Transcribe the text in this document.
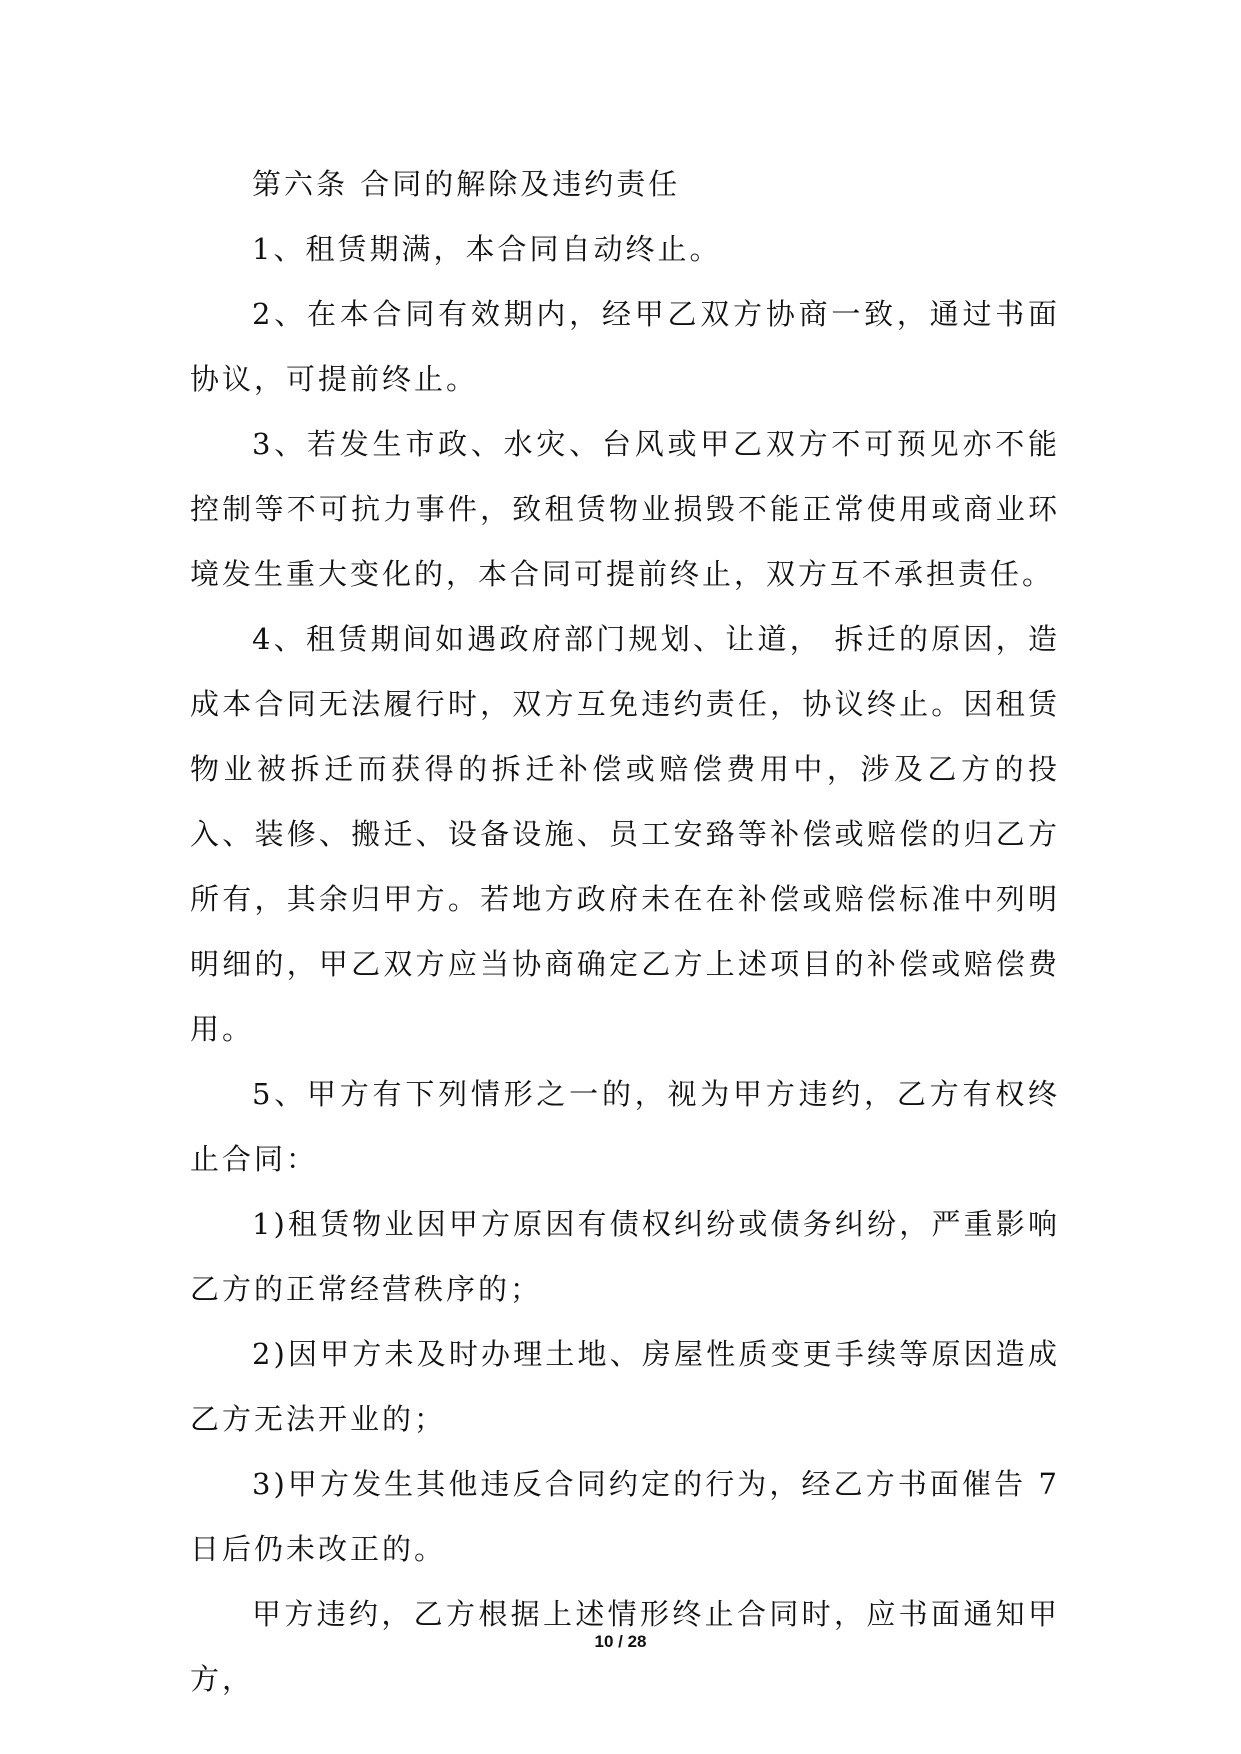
第六条 合同的解除及违约责任

1、租赁期满，本合同自动终止。

2、在本合同有效期内，经甲乙双方协商一致，通过书面协议，可提前终止。

3、若发生市政、水灾、台风或甲乙双方不可预见亦不能控制等不可抗力事件，致租赁物业损毁不能正常使用或商业环境发生重大变化的，本合同可提前终止，双方互不承担责任。

4、租赁期间如遇政府部门规划、让道， 拆迁的原因，造成本合同无法履行时，双方互免违约责任，协议终止。因租赁物业被拆迁而获得的拆迁补偿或赔偿费用中，涉及乙方的投入、装修、搬迁、设备设施、员工安臵等补偿或赔偿的归乙方所有，其余归甲方。若地方政府未在在补偿或赔偿标准中列明明细的，甲乙双方应当协商确定乙方上述项目的补偿或赔偿费用。

5、甲方有下列情形之一的，视为甲方违约，乙方有权终止合同：

1)租赁物业因甲方原因有债权纠纷或债务纠纷，严重影响乙方的正常经营秩序的；

2)因甲方未及时办理土地、房屋性质变更手续等原因造成乙方无法开业的；

3)甲方发生其他违反合同约定的行为，经乙方书面催告 7 日后仍未改正的。

甲方违约，乙方根据上述情形终止合同时，应书面通知甲方，

10 / 28
